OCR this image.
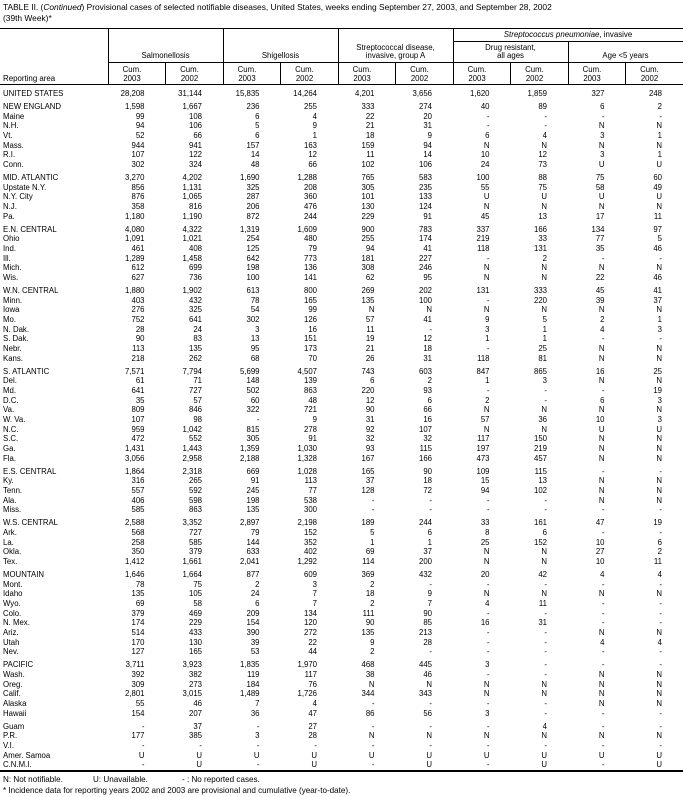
TABLE II. (Continued) Provisional cases of selected notifiable diseases, United States, weeks ending September 27, 2003, and September 28, 2002
(39th Week)*
Streptococcus pneumoniae, invasive
Reporting area
Salmonellosis	Shigellosis
Streptococcal disease,
invasive, group A
Drug resistant,
all ages	Age <5 years
Cum.
2003
Cum.
2002
Cum.
2003
Cum.
2002
Cum.
2003
Cum.
2002
Cum.
2003
Cum.
2002
Cum.
2003
Cum.
2002
UNITED STATES	28,208	31,144	15,835	14,264	4,201	3,656	1,620	1,859	327	248
NEW ENGLAND	1,598	1,667	236	255	333	274	40	89	6	2
Maine	99	108	6	4	22	20	-	-	-	-
N.H.	94	106	5	9	21	31	-	-	N	N
Vt.	52	66	6	1	18	9	6	4	3	1
Mass.	944	941	157	163	159	94	N	N	N	N
R.I.	107	122	14	12	11	14	10	12	3	1
Conn.	302	324	48	66	102	106	24	73	U	U
MID. ATLANTIC	3,270	4,202	1,690	1,288	765	583	100	88	75	60
Upstate N.Y.	856	1,131	325	208	305	235	55	75	58	49
N.Y. City	876	1,065	287	360	101	133	U	U	U	U
N.J.	358	816	206	476	130	124	N	N	N	N
Pa.	1,180	1,190	872	244	229	91	45	13	17	11
E.N. CENTRAL	4,080	4,322	1,319	1,609	900	783	337	166	134	97
Ohio	1,091	1,021	254	480	255	174	219	33	77	5
Ind.	461	408	125	79	94	41	118	131	35	46
Ill.	1,289	1,458	642	773	181	227	-	2	-	-
Mich.	612	699	198	136	308	246	N	N	N	N
Wis.	627	736	100	141	62	95	N	N	22	46
W.N. CENTRAL	1,880	1,902	613	800	269	202	131	333	45	41
Minn.	403	432	78	165	135	100	-	220	39	37
Iowa	276	325	54	99	N	N	N	N	N	N
Mo.	752	641	302	126	57	41	9	5	2	1
N. Dak.	28	24	3	16	11	-	3	1	4	3
S. Dak.	90	83	13	151	19	12	1	1	-	-
Nebr.	113	135	95	173	21	18	-	25	N	N
Kans.	218	262	68	70	26	31	118	81	N	N
S. ATLANTIC	7,571	7,794	5,699	4,507	743	603	847	865	16	25
Del.	61	71	148	139	6	2	1	3	N	N
Md.	641	727	502	863	220	93	-	-	-	19
D.C.	35	57	60	48	12	6	2	-	6	3
Va.	809	846	322	721	90	66	N	N	N	N
W. Va.	107	98	-	9	31	16	57	36	10	3
N.C.	959	1,042	815	278	92	107	N	N	U	U
S.C.	472	552	305	91	32	32	117	150	N	N
Ga.	1,431	1,443	1,359	1,030	93	115	197	219	N	N
Fla.	3,056	2,958	2,188	1,328	167	166	473	457	N	N
E.S. CENTRAL	1,864	2,318	669	1,028	165	90	109	115	-	-
Ky.	316	265	91	113	37	18	15	13	N	N
Tenn.	557	592	245	77	128	72	94	102	N	N
Ala.	406	598	198	538	-	-	-	-	N	N
Miss.	585	863	135	300	-	-	-	-	-	-
W.S. CENTRAL	2,588	3,352	2,897	2,198	189	244	33	161	47	19
Ark.	568	727	79	152	5	6	8	6	-	-
La.	258	585	144	352	1	1	25	152	10	6
Okla.	350	379	633	402	69	37	N	N	27	2
Tex.	1,412	1,661	2,041	1,292	114	200	N	N	10	11
MOUNTAIN	1,646	1,664	877	609	369	432	20	42	4	4
Mont.	78	75	2	3	2	-	-	-	-	-
Idaho	135	105	24	7	18	9	N	N	N	N
Wyo.	69	58	6	7	2	7	4	11	-	-
Colo.	379	469	209	134	111	90	-	-	-	-
N. Mex.	174	229	154	120	90	85	16	31	-	-
Ariz.	514	433	390	272	135	213	-	-	N	N
Utah	170	130	39	22	9	28	-	-	4	4
Nev.	127	165	53	44	2	-	-	-	-	-
PACIFIC	3,711	3,923	1,835	1,970	468	445	3	-	-	-
Wash.	392	382	119	117	38	46	-	-	N	N
Oreg.	309	273	184	76	N	N	N	N	N	N
Calif.	2,801	3,015	1,489	1,726	344	343	N	N	N	N
Alaska	55	46	7	4	-	-	-	-	N	N
Hawaii	154	207	36	47	86	56	3	-	-	-
Guam	-	37	-	27	-	-	-	4	-	-
P.R.	177	385	3	28	N	N	N	N	N	N
V.I.	-	-	-	-	-	-	-	-	-	-
Amer. Samoa	U	U	U	U	U	U	U	U	U	U
C.N.M.I.	-	U	-	U	-	U	-	U	-	U
N: Not notifiable.	U: Unavailable.	- : No reported cases.
* Incidence data for reporting years 2002 and 2003 are provisional and cumulative (year-to-date).
